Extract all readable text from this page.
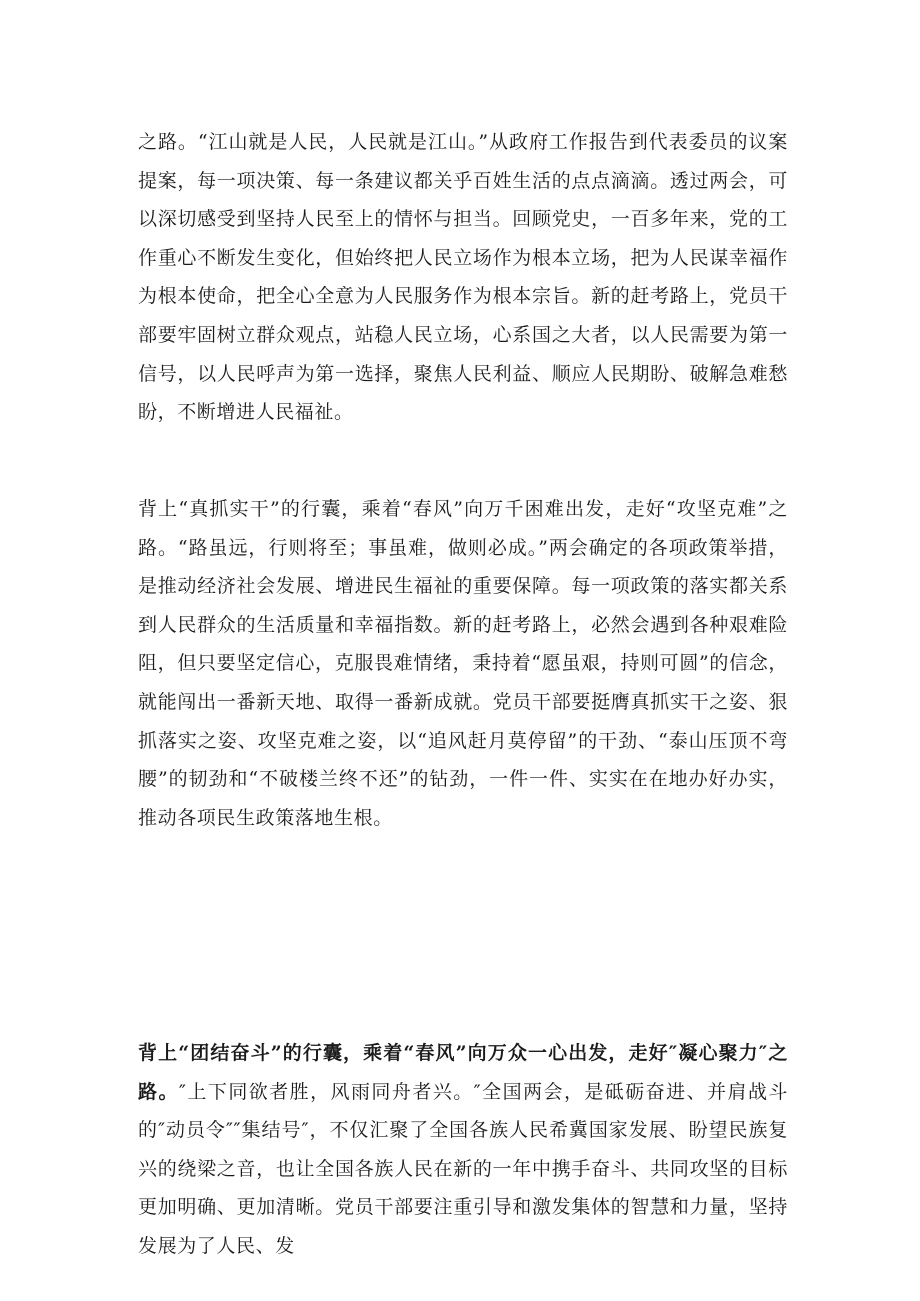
之路。“江山就是人民，人民就是江山。”从政府工作报告到代表委员的议案提案，每一项决策、每一条建议都关乎百姓生活的点点滴滴。透过两会，可以深切感受到坚持人民至上的情怀与担当。回顾党史，一百多年来，党的工作重心不断发生变化，但始终把人民立场作为根本立场，把为人民谋幸福作为根本使命，把全心全意为人民服务作为根本宗旨。新的赶考路上，党员干部要牢固树立群众观点，站稳人民立场，心系国之大者，以人民需要为第一信号，以人民呼声为第一选择，聚焦人民利益、顺应人民期盼、破解急难愁盼，不断增进人民福祉。

背上“真抓实干”的行囊，乘着“春风”向万千困难出发，走好“攻坚克难”之路。“路虽远，行则将至；事虽难，做则必成。”两会确定的各项政策举措，是推动经济社会发展、增进民生福祉的重要保障。每一项政策的落实都关系到人民群众的生活质量和幸福指数。新的赶考路上，必然会遇到各种艰难险阻，但只要坚定信心，克服畏难情绪，秉持着“愿虽艰，持则可圆”的信念，就能闯出一番新天地、取得一番新成就。党员干部要挺膺真抓实干之姿、狠抓落实之姿、攻坚克难之姿，以“追风赶月莫停留”的干劲、“泰山压顶不弯腰”的韧劲和“不破楼兰终不还”的钻劲，一件一件、实实在在地办好办实，推动各项民生政策落地生根。

背上“团结奋斗”的行囊，乘着“春风”向万众一心出发，走好″凝心聚力″之路。″上下同欲者胜，风雨同舟者兴。″全国两会，是砥砺奋进、并肩战斗的″动员令″″集结号″，不仅汇聚了全国各族人民希冀国家发展、盼望民族复兴的绕梁之音，也让全国各族人民在新的一年中携手奋斗、共同攻坚的目标更加明确、更加清晰。党员干部要注重引导和激发集体的智慧和力量，坚持发展为了人民、发
